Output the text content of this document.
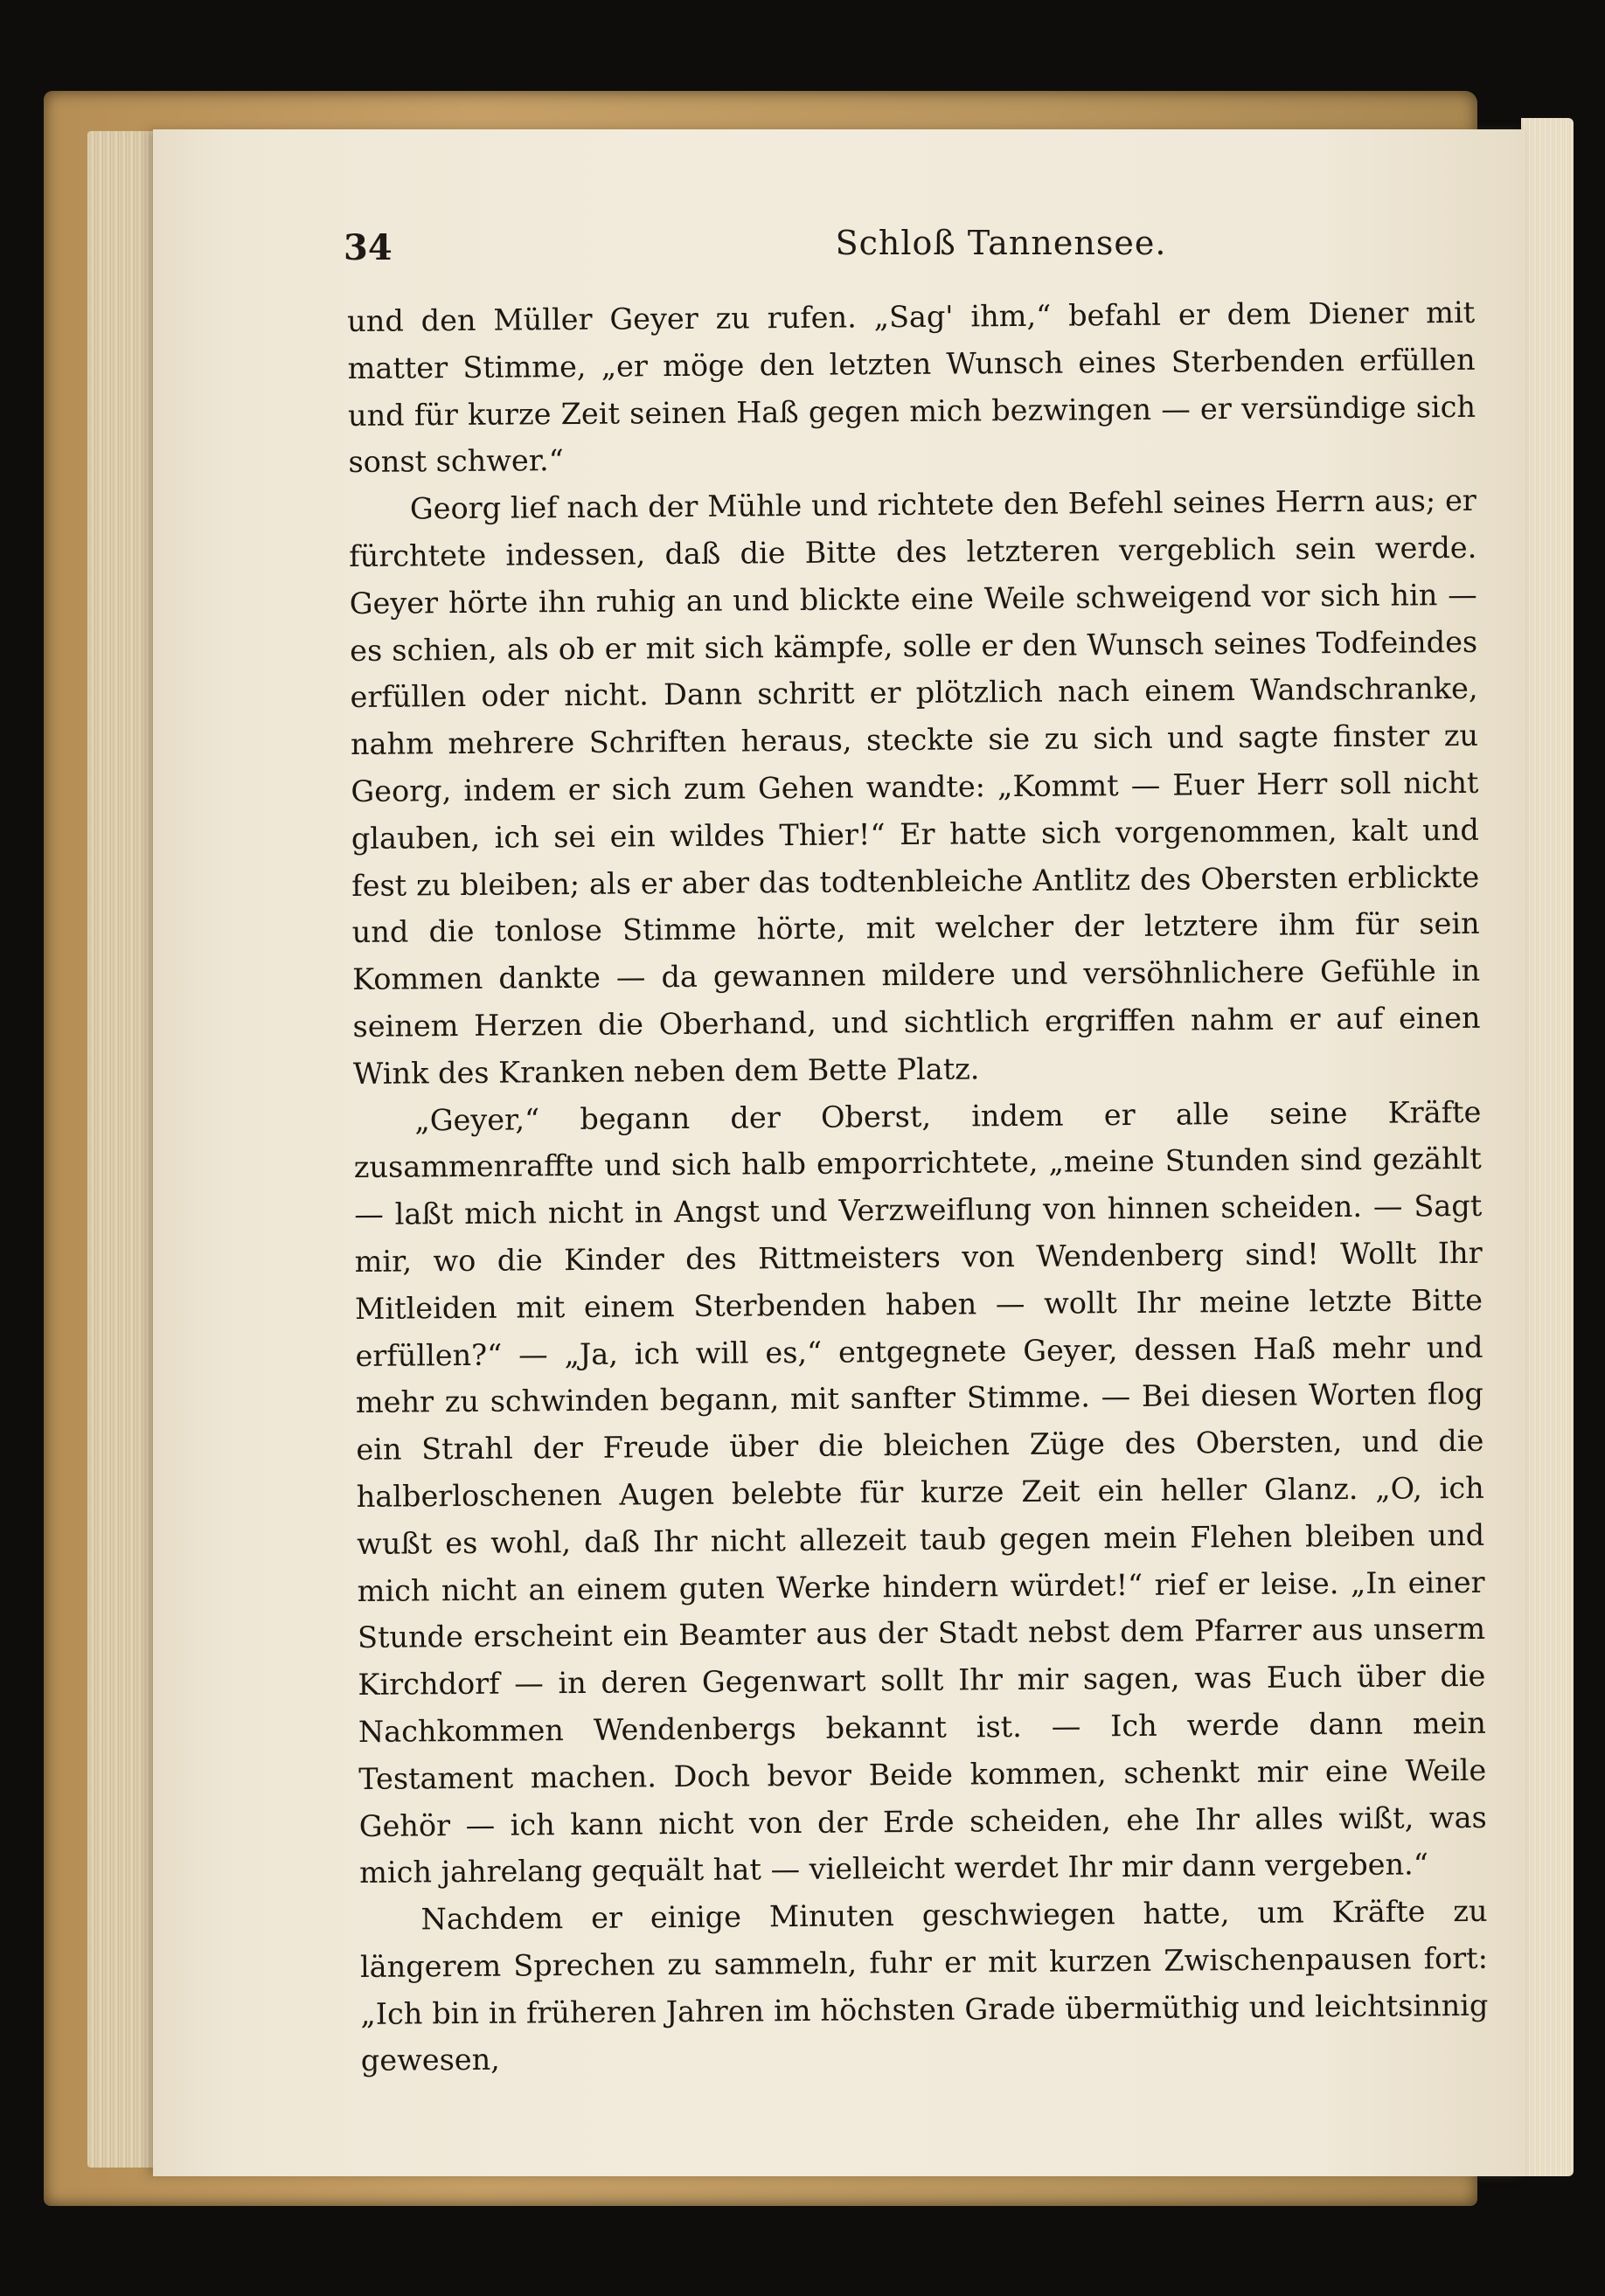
34	Schloß Tannensee.

und den Müller Geyer zu rufen. „Sag' ihm,“ befahl er dem Diener mit matter Stimme, „er möge den letzten Wunsch eines Sterbenden erfüllen und für kurze Zeit seinen Haß gegen mich bezwingen — er versündige sich sonst schwer.“

Georg lief nach der Mühle und richtete den Befehl seines Herrn aus; er fürchtete indessen, daß die Bitte des letzteren vergeblich sein werde. Geyer hörte ihn ruhig an und blickte eine Weile schweigend vor sich hin — es schien, als ob er mit sich kämpfe, solle er den Wunsch seines Todfeindes erfüllen oder nicht. Dann schritt er plötzlich nach einem Wandschranke, nahm mehrere Schriften heraus, steckte sie zu sich und sagte finster zu Georg, indem er sich zum Gehen wandte: „Kommt — Euer Herr soll nicht glauben, ich sei ein wildes Thier!“ Er hatte sich vorgenommen, kalt und fest zu bleiben; als er aber das todtenbleiche Antlitz des Obersten erblickte und die tonlose Stimme hörte, mit welcher der letztere ihm für sein Kommen dankte — da gewannen mildere und versöhnlichere Gefühle in seinem Herzen die Oberhand, und sichtlich ergriffen nahm er auf einen Wink des Kranken neben dem Bette Platz.

„Geyer,“ begann der Oberst, indem er alle seine Kräfte zusammenraffte und sich halb emporrichtete, „meine Stunden sind gezählt — laßt mich nicht in Angst und Verzweiflung von hinnen scheiden. — Sagt mir, wo die Kinder des Rittmeisters von Wendenberg sind! Wollt Ihr Mitleiden mit einem Sterbenden haben — wollt Ihr meine letzte Bitte erfüllen?“ — „Ja, ich will es,“ entgegnete Geyer, dessen Haß mehr und mehr zu schwinden begann, mit sanfter Stimme. — Bei diesen Worten flog ein Strahl der Freude über die bleichen Züge des Obersten, und die halberloschenen Augen belebte für kurze Zeit ein heller Glanz. „O, ich wußt es wohl, daß Ihr nicht allezeit taub gegen mein Flehen bleiben und mich nicht an einem guten Werke hindern würdet!“ rief er leise. „In einer Stunde erscheint ein Beamter aus der Stadt nebst dem Pfarrer aus unserm Kirchdorf — in deren Gegenwart sollt Ihr mir sagen, was Euch über die Nachkommen Wendenbergs bekannt ist. — Ich werde dann mein Testament machen. Doch bevor Beide kommen, schenkt mir eine Weile Gehör — ich kann nicht von der Erde scheiden, ehe Ihr alles wißt, was mich jahrelang gequält hat — vielleicht werdet Ihr mir dann vergeben.“

Nachdem er einige Minuten geschwiegen hatte, um Kräfte zu längerem Sprechen zu sammeln, fuhr er mit kurzen Zwischenpausen fort: „Ich bin in früheren Jahren im höchsten Grade übermüthig und leichtsinnig gewesen,
